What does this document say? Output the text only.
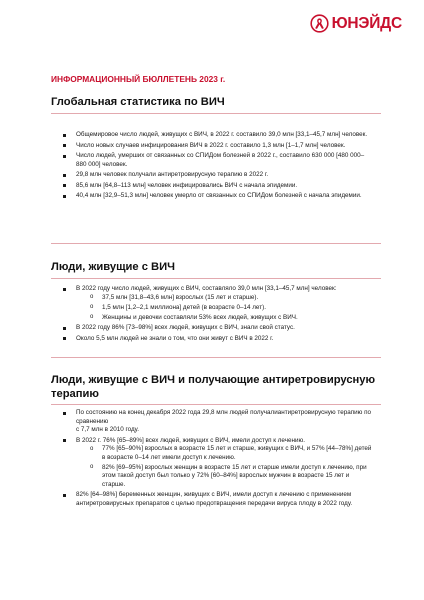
ЮНЭЙДС
ИНФОРМАЦИОННЫЙ БЮЛЛЕТЕНЬ 2023 г.
Глобальная статистика по ВИЧ
Общемировое число людей, живущих с ВИЧ, в 2022 г. составило 39,0 млн [33,1–45,7 млн] человек.
Число новых случаев инфицирования ВИЧ в 2022 г. составило 1,3 млн [1–1,7 млн] человек.
Число людей, умерших от связанных со СПИДом болезней в 2022 г., составило 630 000 [480 000–880 000] человек.
29,8 млн человек получали антиретровирусную терапию в 2022 г.
85,6 млн [64,8–113 млн] человек инфицировались ВИЧ с начала эпидемии.
40,4 млн [32,9–51,3 млн] человек умерло от связанных со СПИДом болезней с начала эпидемии.
Люди, живущие с ВИЧ
В 2022 году число людей, живущих с ВИЧ, составляло 39,0 млн [33,1–45,7 млн] человек:
o 37,5 млн [31,8–43,6 млн] взрослых (15 лет и старше).
o 1,5 млн [1,2–2,1 миллиона] детей (в возрасте 0–14 лет).
o Женщины и девочки составляли 53% всех людей, живущих с ВИЧ.
В 2022 году 86% [73–98%] всех людей, живущих с ВИЧ, знали свой статус.
Около 5,5 млн людей не знали о том, что они живут с ВИЧ в 2022 г.
Люди, живущие с ВИЧ и получающие антиретровирусную терапию
По состоянию на конец декабря 2022 года 29,8 млн людей получалиантиретровирусную терапию по сравнению
с 7,7 млн в 2010 году.
В 2022 г. 76% [65–89%] всех людей, живущих с ВИЧ, имели доступ к лечению.
o 77% [65–90%] взрослых в возрасте 15 лет и старше, живущих с ВИЧ, и 57% [44–78%] детей в возрасте 0–14 лет имели доступ к лечению.
o 82% [69–95%] взрослых женщин в возрасте 15 лет и старше имели доступ к лечению, при этом такой доступ был только у 72% [60–84%] взрослых мужчин в возрасте 15 лет и старше.
82% [64–98%] беременных женщин, живущих с ВИЧ, имели доступ к лечению с применением антиретровирусных препаратов с целью предотвращения передачи вируса плоду в 2022 году.
